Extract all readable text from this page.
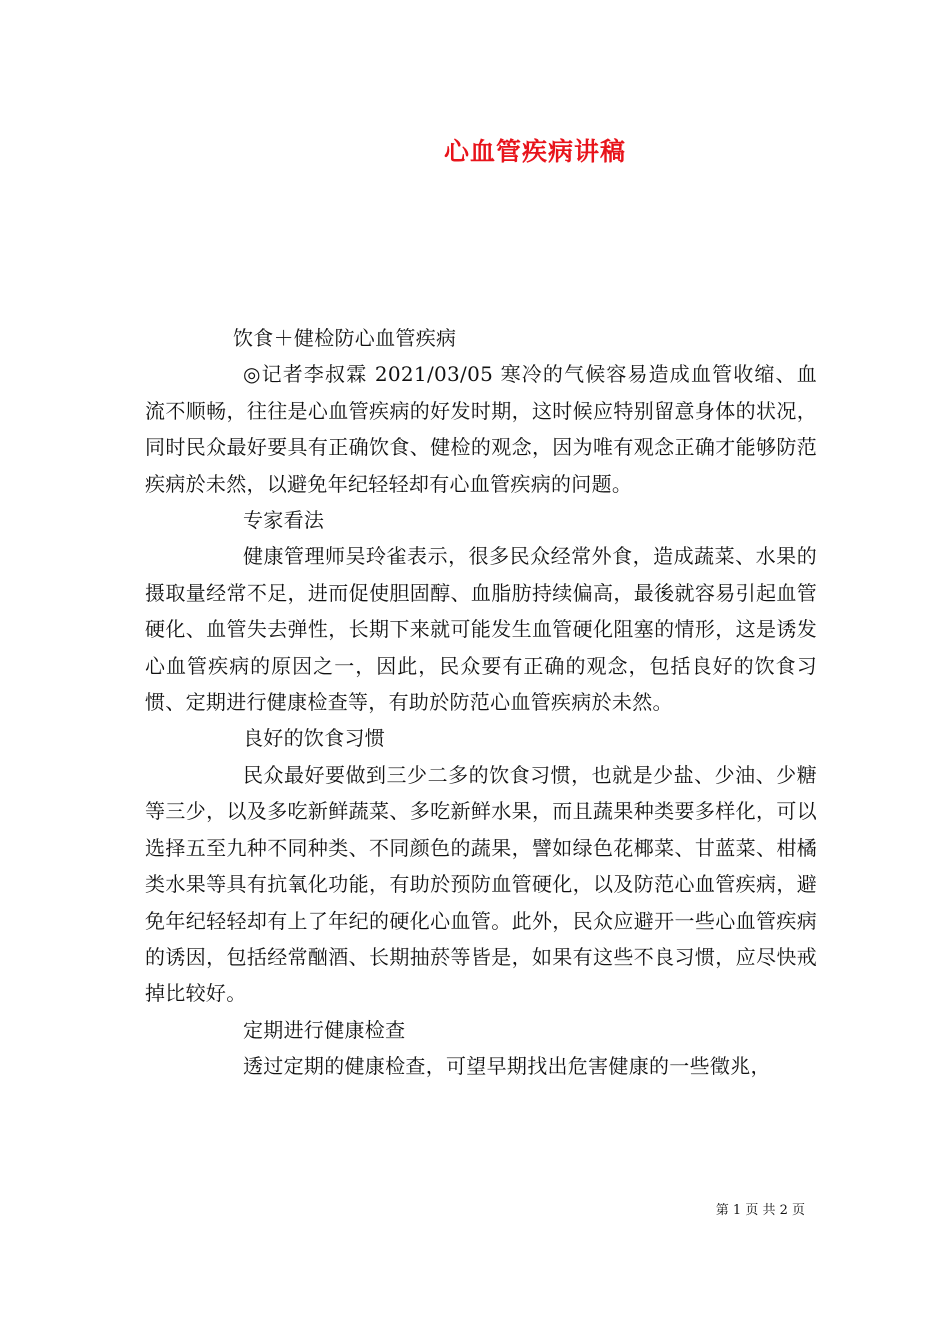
心血管疾病讲稿

饮食＋健检防心血管疾病

◎记者李叔霖 2021/03/05 寒冷的气候容易造成血管收缩、血流不顺畅，往往是心血管疾病的好发时期，这时候应特别留意身体的状况，同时民众最好要具有正确饮食、健检的观念，因为唯有观念正确才能够防范疾病於未然，以避免年纪轻轻却有心血管疾病的问题。

专家看法

健康管理师吴玲雀表示，很多民众经常外食，造成蔬菜、水果的摄取量经常不足，进而促使胆固醇、血脂肪持续偏高，最後就容易引起血管硬化、血管失去弹性，长期下来就可能发生血管硬化阻塞的情形，这是诱发心血管疾病的原因之一，因此，民众要有正确的观念，包括良好的饮食习惯、定期进行健康检查等，有助於防范心血管疾病於未然。

良好的饮食习惯

民众最好要做到三少二多的饮食习惯，也就是少盐、少油、少糖等三少，以及多吃新鲜蔬菜、多吃新鲜水果，而且蔬果种类要多样化，可以选择五至九种不同种类、不同颜色的蔬果，譬如绿色花椰菜、甘蓝菜、柑橘类水果等具有抗氧化功能，有助於预防血管硬化，以及防范心血管疾病，避免年纪轻轻却有上了年纪的硬化心血管。此外，民众应避开一些心血管疾病的诱因，包括经常酗酒、长期抽菸等皆是，如果有这些不良习惯，应尽快戒掉比较好。

定期进行健康检查

透过定期的健康检查，可望早期找出危害健康的一些徵兆，

第 1 页 共 2 页
